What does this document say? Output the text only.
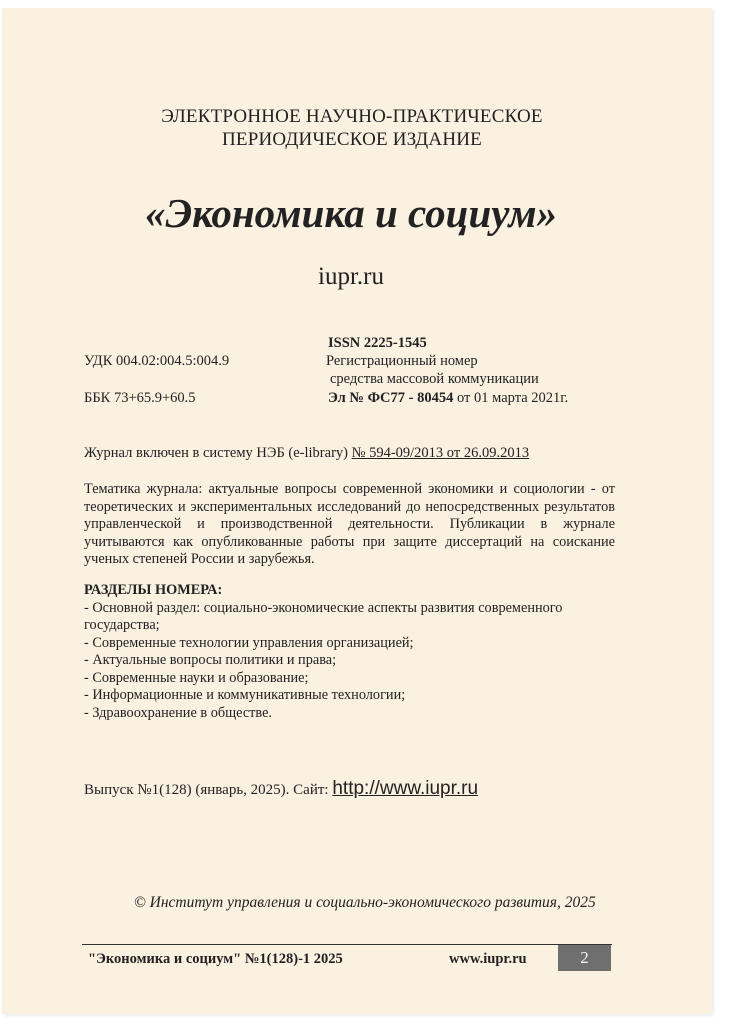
ЭЛЕКТРОННОЕ НАУЧНО-ПРАКТИЧЕСКОЕ
ПЕРИОДИЧЕСКОЕ ИЗДАНИЕ
«Экономика и социум»
iupr.ru
ISSN 2225-1545
УДК 004.02:004.5:004.9	Регистрационный номер
средства массовой коммуникации
ББК 73+65.9+60.5	Эл № ФС77 - 80454 от 01 марта 2021г.
Журнал включен в систему НЭБ (e-library) № 594-09/2013 от 26.09.2013
Тематика журнала: актуальные вопросы современной экономики и социологии - от теоретических и экспериментальных исследований до непосредственных результатов управленческой и производственной деятельности. Публикации в журнале учитываются как опубликованные работы при защите диссертаций на соискание ученых степеней России и зарубежья.
РАЗДЕЛЫ НОМЕРА:
- Основной раздел: социально-экономические аспекты развития современного государства;
- Современные технологии управления организацией;
- Актуальные вопросы политики и права;
- Современные науки и образование;
- Информационные и коммуникативные технологии;
- Здравоохранение в обществе.
Выпуск №1(128) (январь, 2025). Сайт: http://www.iupr.ru
© Институт управления и социально-экономического развития, 2025
"Экономика и социум" №1(128)-1 2025	www.iupr.ru	2
